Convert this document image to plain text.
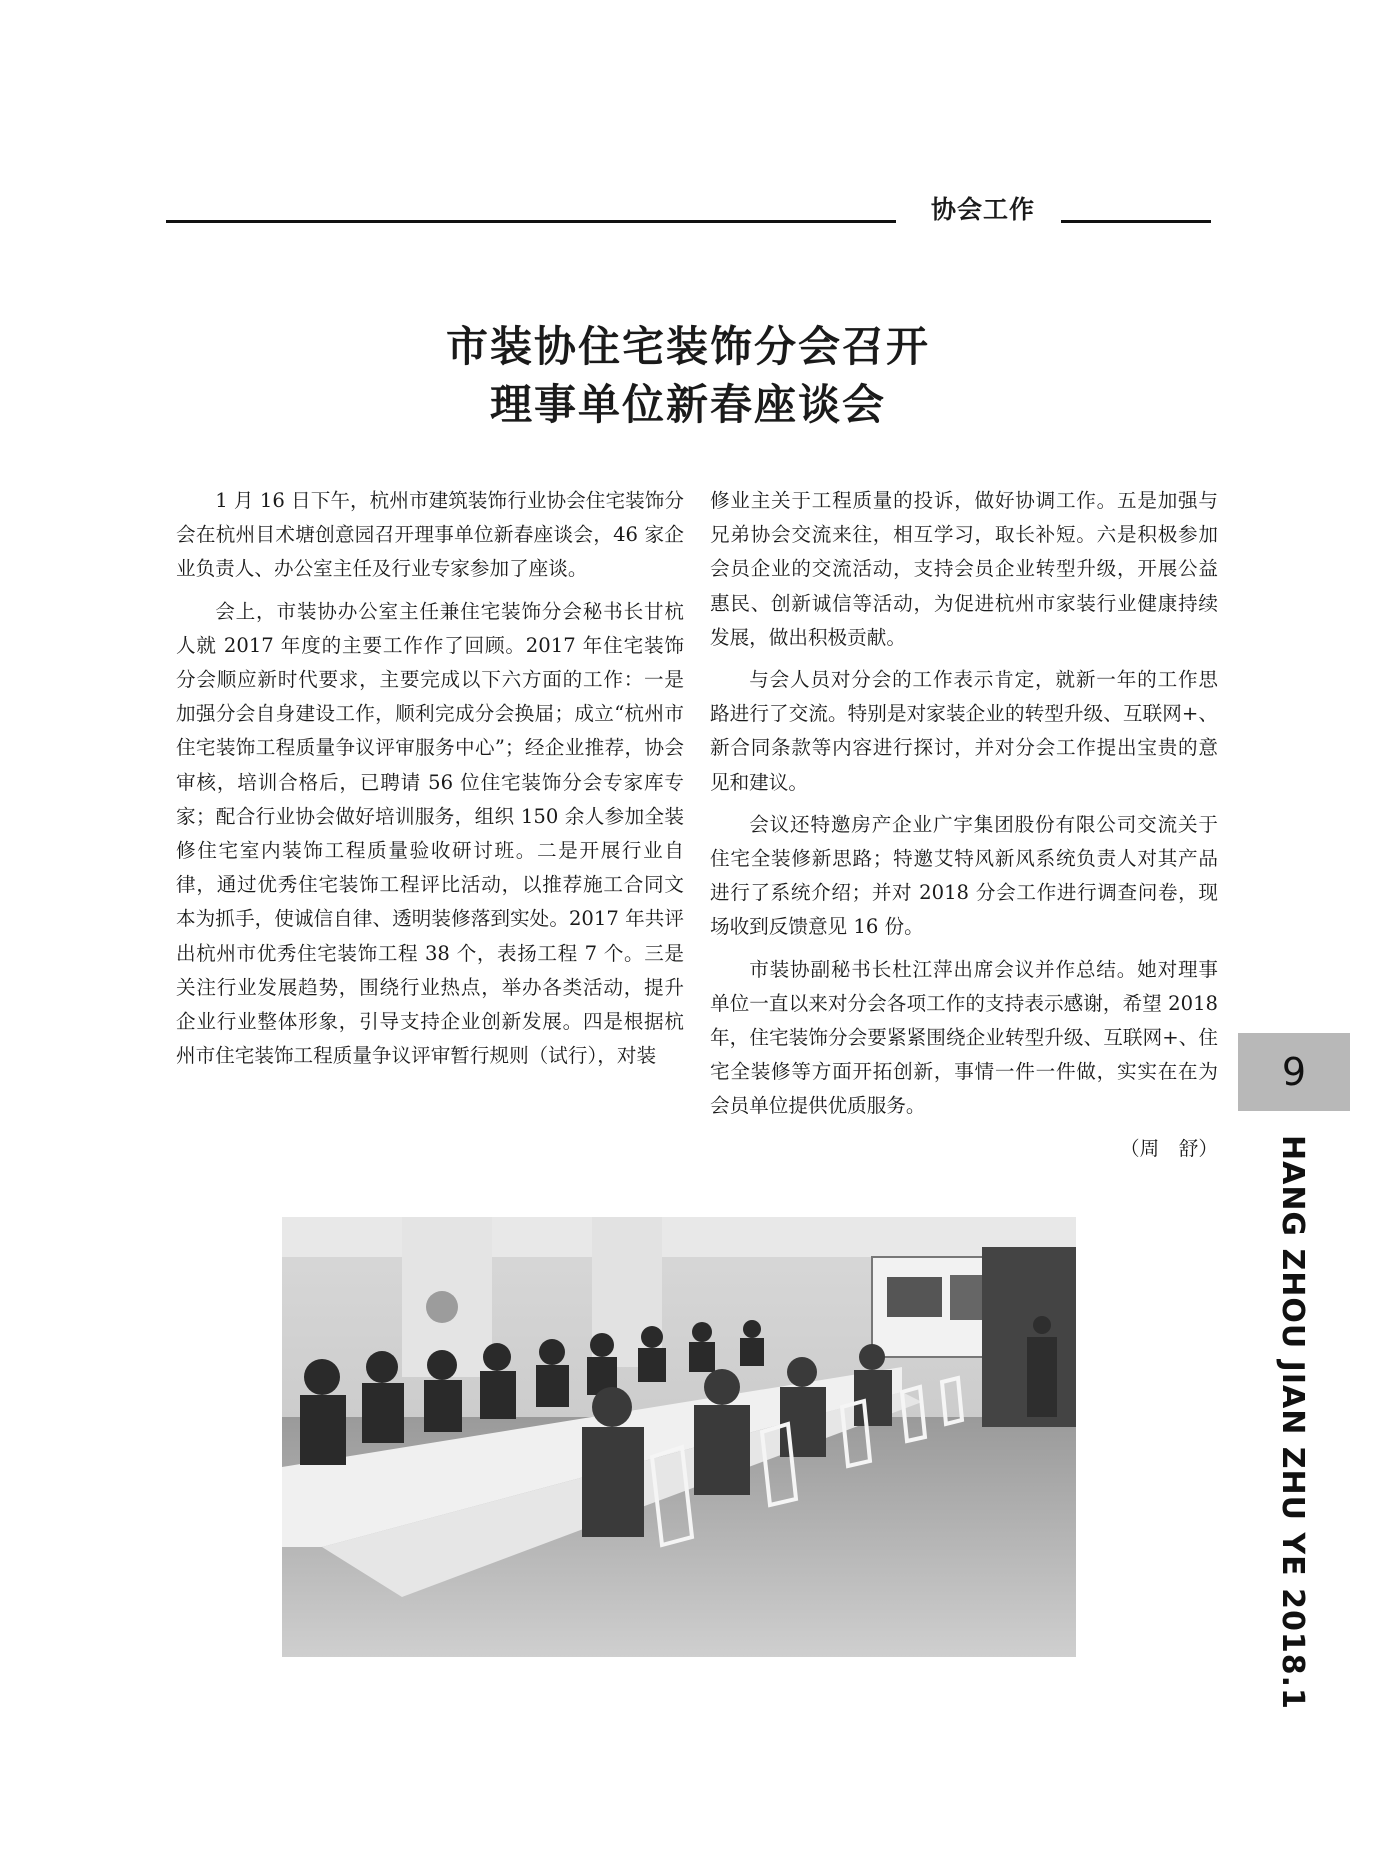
协会工作
市装协住宅装饰分会召开
理事单位新春座谈会

1 月 16 日下午，杭州市建筑装饰行业协会住宅装饰分会在杭州目术塘创意园召开理事单位新春座谈会，46 家企业负责人、办公室主任及行业专家参加了座谈。

会上，市装协办公室主任兼住宅装饰分会秘书长甘杭人就 2017 年度的主要工作作了回顾。2017 年住宅装饰分会顺应新时代要求，主要完成以下六方面的工作：一是加强分会自身建设工作，顺利完成分会换届；成立“杭州市住宅装饰工程质量争议评审服务中心”；经企业推荐，协会审核，培训合格后，已聘请 56 位住宅装饰分会专家库专家；配合行业协会做好培训服务，组织 150 余人参加全装修住宅室内装饰工程质量验收研讨班。二是开展行业自律，通过优秀住宅装饰工程评比活动，以推荐施工合同文本为抓手，使诚信自律、透明装修落到实处。2017 年共评出杭州市优秀住宅装饰工程 38 个，表扬工程 7 个。三是关注行业发展趋势，围绕行业热点，举办各类活动，提升企业行业整体形象，引导支持企业创新发展。四是根据杭州市住宅装饰工程质量争议评审暂行规则（试行），对装

修业主关于工程质量的投诉，做好协调工作。五是加强与兄弟协会交流来往，相互学习，取长补短。六是积极参加会员企业的交流活动，支持会员企业转型升级，开展公益惠民、创新诚信等活动，为促进杭州市家装行业健康持续发展，做出积极贡献。

与会人员对分会的工作表示肯定，就新一年的工作思路进行了交流。特别是对家装企业的转型升级、互联网+、新合同条款等内容进行探讨，并对分会工作提出宝贵的意见和建议。

会议还特邀房产企业广宇集团股份有限公司交流关于住宅全装修新思路；特邀艾特风新风系统负责人对其产品进行了系统介绍；并对 2018 分会工作进行调查问卷，现场收到反馈意见 16 份。

市装协副秘书长杜江萍出席会议并作总结。她对理事单位一直以来对分会各项工作的支持表示感谢，希望 2018 年，住宅装饰分会要紧紧围绕企业转型升级、互联网+、住宅全装修等方面开拓创新，事情一件一件做，实实在在为会员单位提供优质服务。

（周　舒）

9
HANG ZHOU JIAN ZHU YE 2018.1
